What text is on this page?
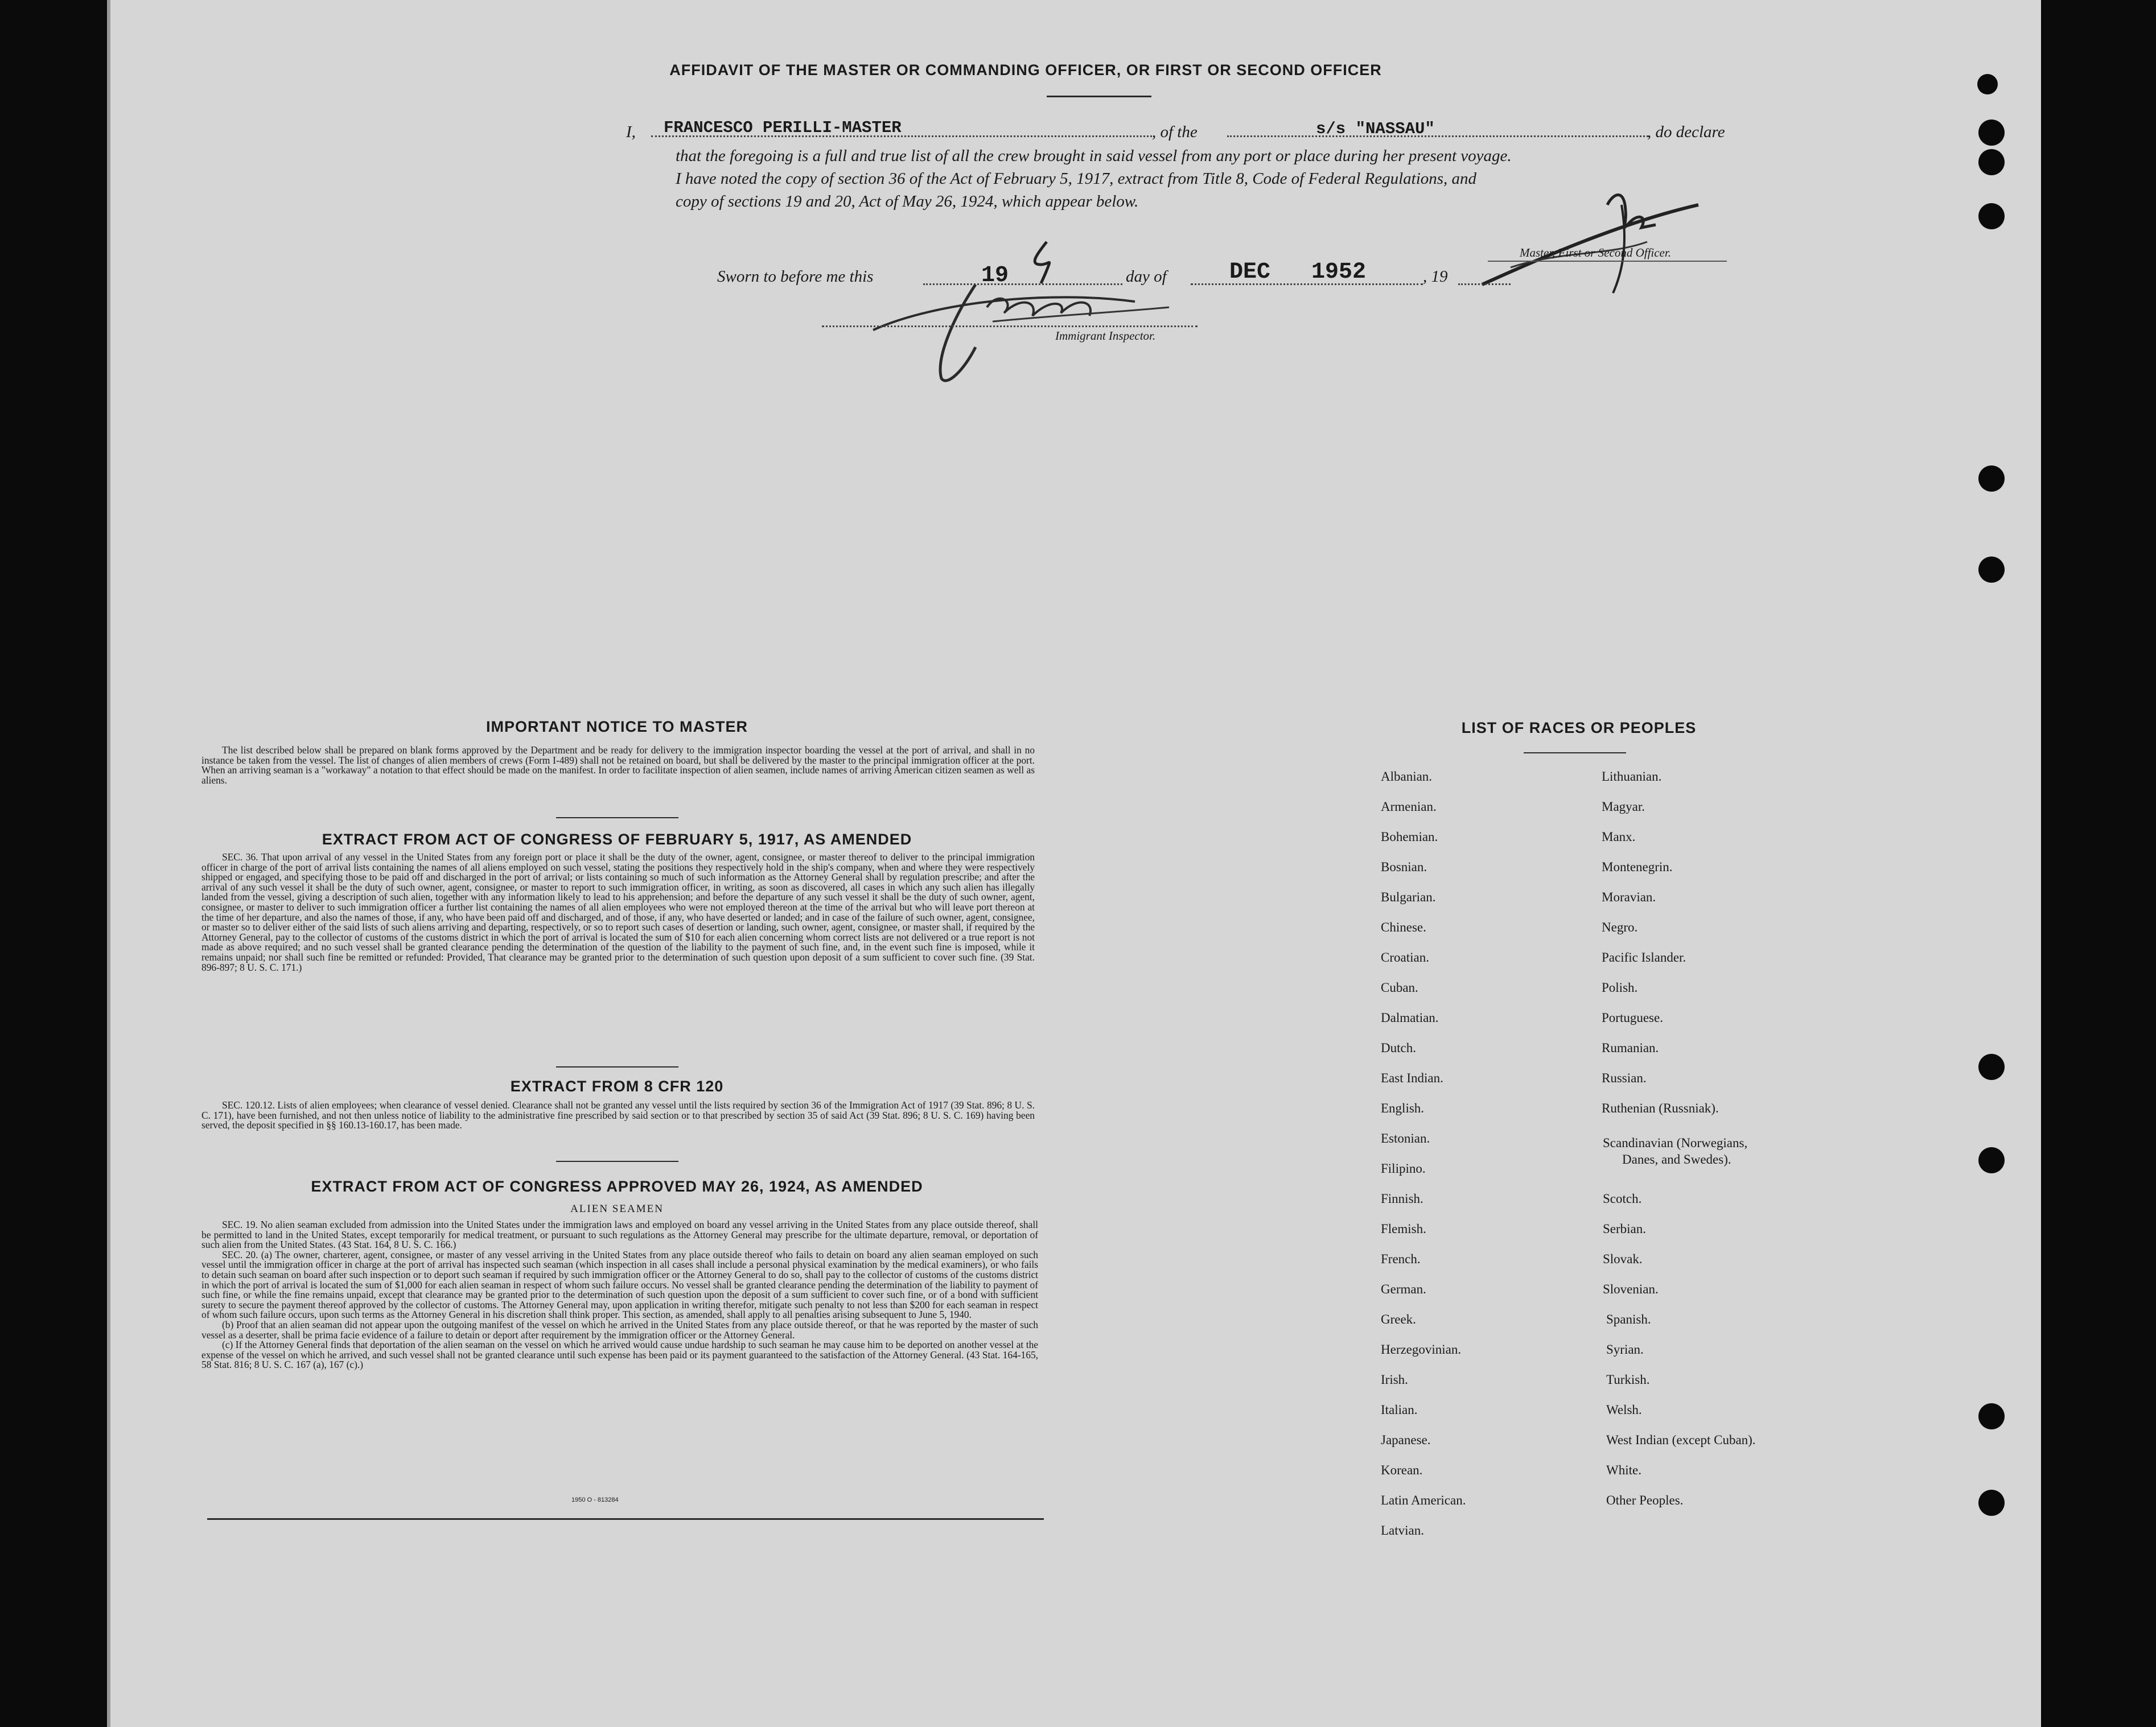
AFFIDAVIT OF THE MASTER OR COMMANDING OFFICER, OR FIRST OR SECOND OFFICER
I, FRANCESCO PERILLI-MASTER	, of the	s/s "NASSAU"	, do declare
that the foregoing is a full and true list of all the crew brought in said vessel from any port or place during her present voyage.
I have noted the copy of section 36 of the Act of February 5, 1917, extract from Title 8, Code of Federal Regulations, and
copy of sections 19 and 20, Act of May 26, 1924, which appear below.
Master, First or Second Officer.
Sworn to before me this	19	day of	DEC 1952	, 19
Immigrant Inspector.
IMPORTANT NOTICE TO MASTER

The list described below shall be prepared on blank forms approved by the Department and be ready for delivery to the immigration inspector boarding the vessel at the port of arrival, and shall in no instance be taken from the vessel. The list of changes of alien members of crews (Form I-489) shall not be retained on board, but shall be delivered by the master to the principal immigration officer at the port. When an arriving seaman is a "workaway" a notation to that effect should be made on the manifest. In order to facilitate inspection of alien seamen, include names of arriving American citizen seamen as well as aliens.

EXTRACT FROM ACT OF CONGRESS OF FEBRUARY 5, 1917, AS AMENDED

SEC. 36. That upon arrival of any vessel in the United States from any foreign port or place it shall be the duty of the owner, agent, consignee, or master thereof to deliver to the principal immigration officer in charge of the port of arrival lists containing the names of all aliens employed on such vessel, stating the positions they respectively hold in the ship's company, when and where they were respectively shipped or engaged, and specifying those to be paid off and discharged in the port of arrival; or lists containing so much of such information as the Attorney General shall by regulation prescribe; and after the arrival of any such vessel it shall be the duty of such owner, agent, consignee, or master to report to such immigration officer, in writing, as soon as discovered, all cases in which any such alien has illegally landed from the vessel, giving a description of such alien, together with any information likely to lead to his apprehension; and before the departure of any such vessel it shall be the duty of such owner, agent, consignee, or master to deliver to such immigration officer a further list containing the names of all alien employees who were not employed thereon at the time of the arrival but who will leave port thereon at the time of her departure, and also the names of those, if any, who have been paid off and discharged, and of those, if any, who have deserted or landed; and in case of the failure of such owner, agent, consignee, or master so to deliver either of the said lists of such aliens arriving and departing, respectively, or so to report such cases of desertion or landing, such owner, agent, consignee, or master shall, if required by the Attorney General, pay to the collector of customs of the customs district in which the port of arrival is located the sum of $10 for each alien concerning whom correct lists are not delivered or a true report is not made as above required; and no such vessel shall be granted clearance pending the determination of the question of the liability to the payment of such fine, and, in the event such fine is imposed, while it remains unpaid; nor shall such fine be remitted or refunded: Provided, That clearance may be granted prior to the determination of such question upon deposit of a sum sufficient to cover such fine. (39 Stat. 896-897; 8 U. S. C. 171.)

EXTRACT FROM 8 CFR 120

SEC. 120.12. Lists of alien employees; when clearance of vessel denied. Clearance shall not be granted any vessel until the lists required by section 36 of the Immigration Act of 1917 (39 Stat. 896; 8 U. S. C. 171), have been furnished, and not then unless notice of liability to the administrative fine prescribed by said section or to that prescribed by section 35 of said Act (39 Stat. 896; 8 U. S. C. 169) having been served, the deposit specified in §§ 160.13-160.17, has been made.

EXTRACT FROM ACT OF CONGRESS APPROVED MAY 26, 1924, AS AMENDED
ALIEN SEAMEN

SEC. 19. No alien seaman excluded from admission into the United States under the immigration laws and employed on board any vessel arriving in the United States from any place outside thereof, shall be permitted to land in the United States, except temporarily for medical treatment, or pursuant to such regulations as the Attorney General may prescribe for the ultimate departure, removal, or deportation of such alien from the United States. (43 Stat. 164, 8 U. S. C. 166.)

SEC. 20. (a) The owner, charterer, agent, consignee, or master of any vessel arriving in the United States from any place outside thereof who fails to detain on board any alien seaman employed on such vessel until the immigration officer in charge at the port of arrival has inspected such seaman (which inspection in all cases shall include a personal physical examination by the medical examiners), or who fails to detain such seaman on board after such inspection or to deport such seaman if required by such immigration officer or the Attorney General to do so, shall pay to the collector of customs of the customs district in which the port of arrival is located the sum of $1,000 for each alien seaman in respect of whom such failure occurs. No vessel shall be granted clearance pending the determination of the liability to payment of such fine, or while the fine remains unpaid, except that clearance may be granted prior to the determination of such question upon the deposit of a sum sufficient to cover such fine, or of a bond with sufficient surety to secure the payment thereof approved by the collector of customs. The Attorney General may, upon application in writing therefor, mitigate such penalty to not less than $200 for each seaman in respect of whom such failure occurs, upon such terms as the Attorney General in his discretion shall think proper. This section, as amended, shall apply to all penalties arising subsequent to June 5, 1940.

(b) Proof that an alien seaman did not appear upon the outgoing manifest of the vessel on which he arrived in the United States from any place outside thereof, or that he was reported by the master of such vessel as a deserter, shall be prima facie evidence of a failure to detain or deport after requirement by the immigration officer or the Attorney General.

(c) If the Attorney General finds that deportation of the alien seaman on the vessel on which he arrived would cause undue hardship to such seaman he may cause him to be deported on another vessel at the expense of the vessel on which he arrived, and such vessel shall not be granted clearance until such expense has been paid or its payment guaranteed to the satisfaction of the Attorney General. (43 Stat. 164-165, 58 Stat. 816; 8 U. S. C. 167 (a), 167 (c).)

1950 O - 813284
LIST OF RACES OR PEOPLES
Albanian.
Armenian.
Bohemian.
Bosnian.
Bulgarian.
Chinese.
Croatian.
Cuban.
Dalmatian.
Dutch.
East Indian.
English.
Estonian.
Filipino.
Finnish.
Flemish.
French.
German.
Greek.
Herzegovinian.
Irish.
Italian.
Japanese.
Korean.
Latin American.
Latvian.
Lithuanian.
Magyar.
Manx.
Montenegrin.
Moravian.
Negro.
Pacific Islander.
Polish.
Portuguese.
Rumanian.
Russian.
Ruthenian (Russniak).
Scandinavian (Norwegians,
Danes, and Swedes).
Scotch.
Serbian.
Slovak.
Slovenian.
Spanish.
Syrian.
Turkish.
Welsh.
West Indian (except Cuban).
White.
Other Peoples.
